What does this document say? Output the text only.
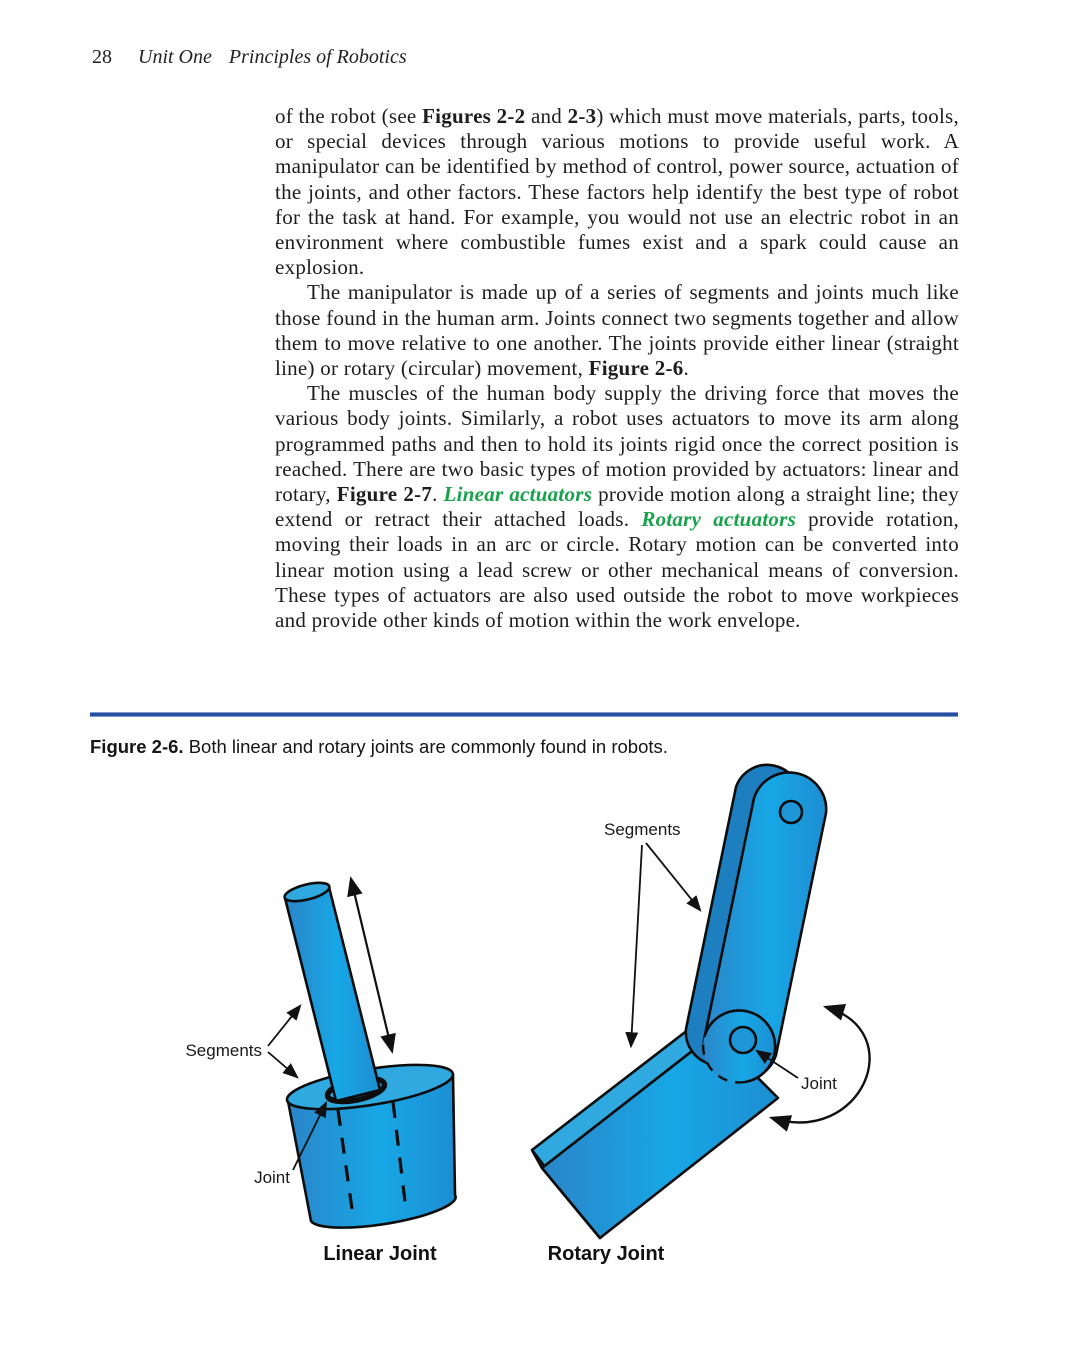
28 Unit One Principles of Robotics
of the robot (see Figures 2-2 and 2-3) which must move materials, parts, tools, or special devices through various motions to provide useful work. A manipulator can be identified by method of control, power source, actuation of the joints, and other factors. These factors help identify the best type of robot for the task at hand. For example, you would not use an electric robot in an environment where combustible fumes exist and a spark could cause an explosion.
The manipulator is made up of a series of segments and joints much like those found in the human arm. Joints connect two segments together and allow them to move relative to one another. The joints provide either linear (straight line) or rotary (circular) movement, Figure 2-6.
The muscles of the human body supply the driving force that moves the various body joints. Similarly, a robot uses actuators to move its arm along programmed paths and then to hold its joints rigid once the correct position is reached. There are two basic types of motion provided by actuators: linear and rotary, Figure 2-7. Linear actuators provide motion along a straight line; they extend or retract their attached loads. Rotary actuators provide rotation, moving their loads in an arc or circle. Rotary motion can be converted into linear motion using a lead screw or other mechanical means of conversion. These types of actuators are also used outside the robot to move workpieces and provide other kinds of motion within the work envelope.
Figure 2-6. Both linear and rotary joints are commonly found in robots.
Segments
Joint
Linear Joint
Segments
Joint
Rotary Joint
